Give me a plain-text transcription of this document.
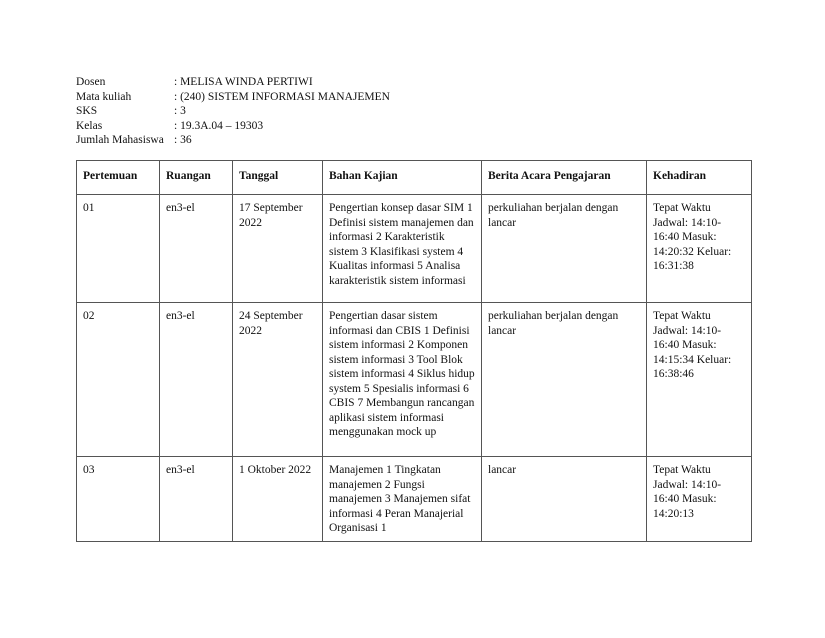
Dosen	: MELISA WINDA PERTIWI
Mata kuliah	: (240) SISTEM INFORMASI MANAJEMEN
SKS	: 3
Kelas	: 19.3A.04 – 19303
Jumlah Mahasiswa : 36
Pertemuan	Ruangan	Tanggal	Bahan Kajian	Berita Acara Pengajaran	Kehadiran
01	en3-el	17 September 2022	Pengertian konsep dasar SIM 1 Definisi sistem manajemen dan informasi 2 Karakteristik sistem 3 Klasifikasi system 4 Kualitas informasi 5 Analisa karakteristik sistem informasi	perkuliahan berjalan dengan lancar	Tepat Waktu Jadwal: 14:10-16:40 Masuk: 14:20:32 Keluar: 16:31:38
02	en3-el	24 September 2022	Pengertian dasar sistem informasi dan CBIS 1 Definisi sistem informasi 2 Komponen sistem informasi 3 Tool Blok sistem informasi 4 Siklus hidup system 5 Spesialis informasi 6 CBIS 7 Membangun rancangan aplikasi sistem informasi menggunakan mock up	perkuliahan berjalan dengan lancar	Tepat Waktu Jadwal: 14:10-16:40 Masuk: 14:15:34 Keluar: 16:38:46
03	en3-el	1 Oktober 2022	Manajemen 1 Tingkatan manajemen 2 Fungsi manajemen 3 Manajemen sifat informasi 4 Peran Manajerial Organisasi 1	lancar	Tepat Waktu Jadwal: 14:10-16:40 Masuk: 14:20:13
